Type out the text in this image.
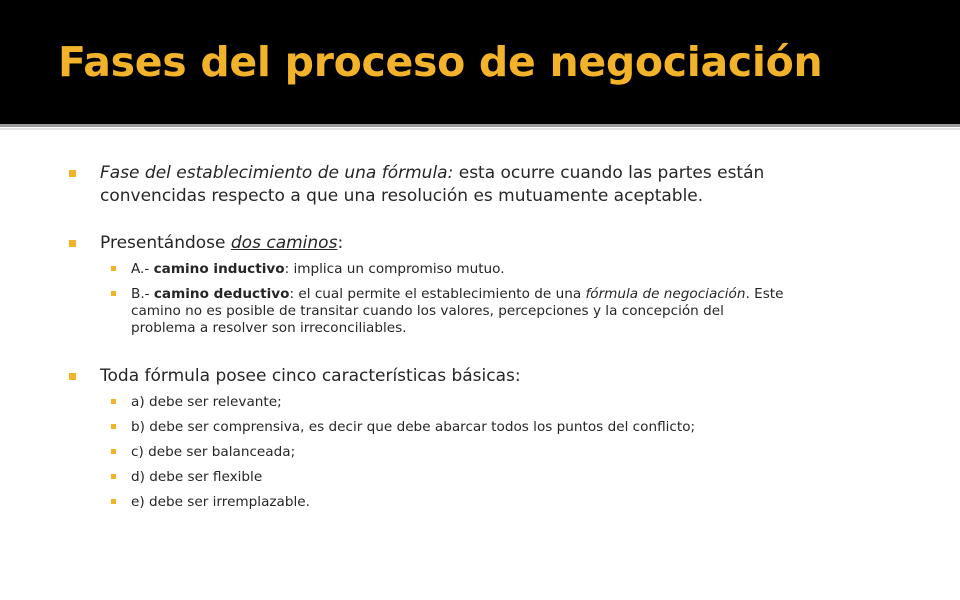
Fases del proceso de negociación
Fase del establecimiento de una fórmula: esta ocurre cuando las partes están
convencidas respecto a que una resolución es mutuamente aceptable.
Presentándose dos caminos:
A.- camino inductivo: implica un compromiso mutuo.
B.- camino deductivo: el cual permite el establecimiento de una fórmula de negociación. Este
camino no es posible de transitar cuando los valores, percepciones y la concepción del
problema a resolver son irreconciliables.
Toda fórmula posee cinco características básicas:
a) debe ser relevante;
b) debe ser comprensiva, es decir que debe abarcar todos los puntos del conflicto;
c) debe ser balanceada;
d) debe ser flexible
e) debe ser irremplazable.
